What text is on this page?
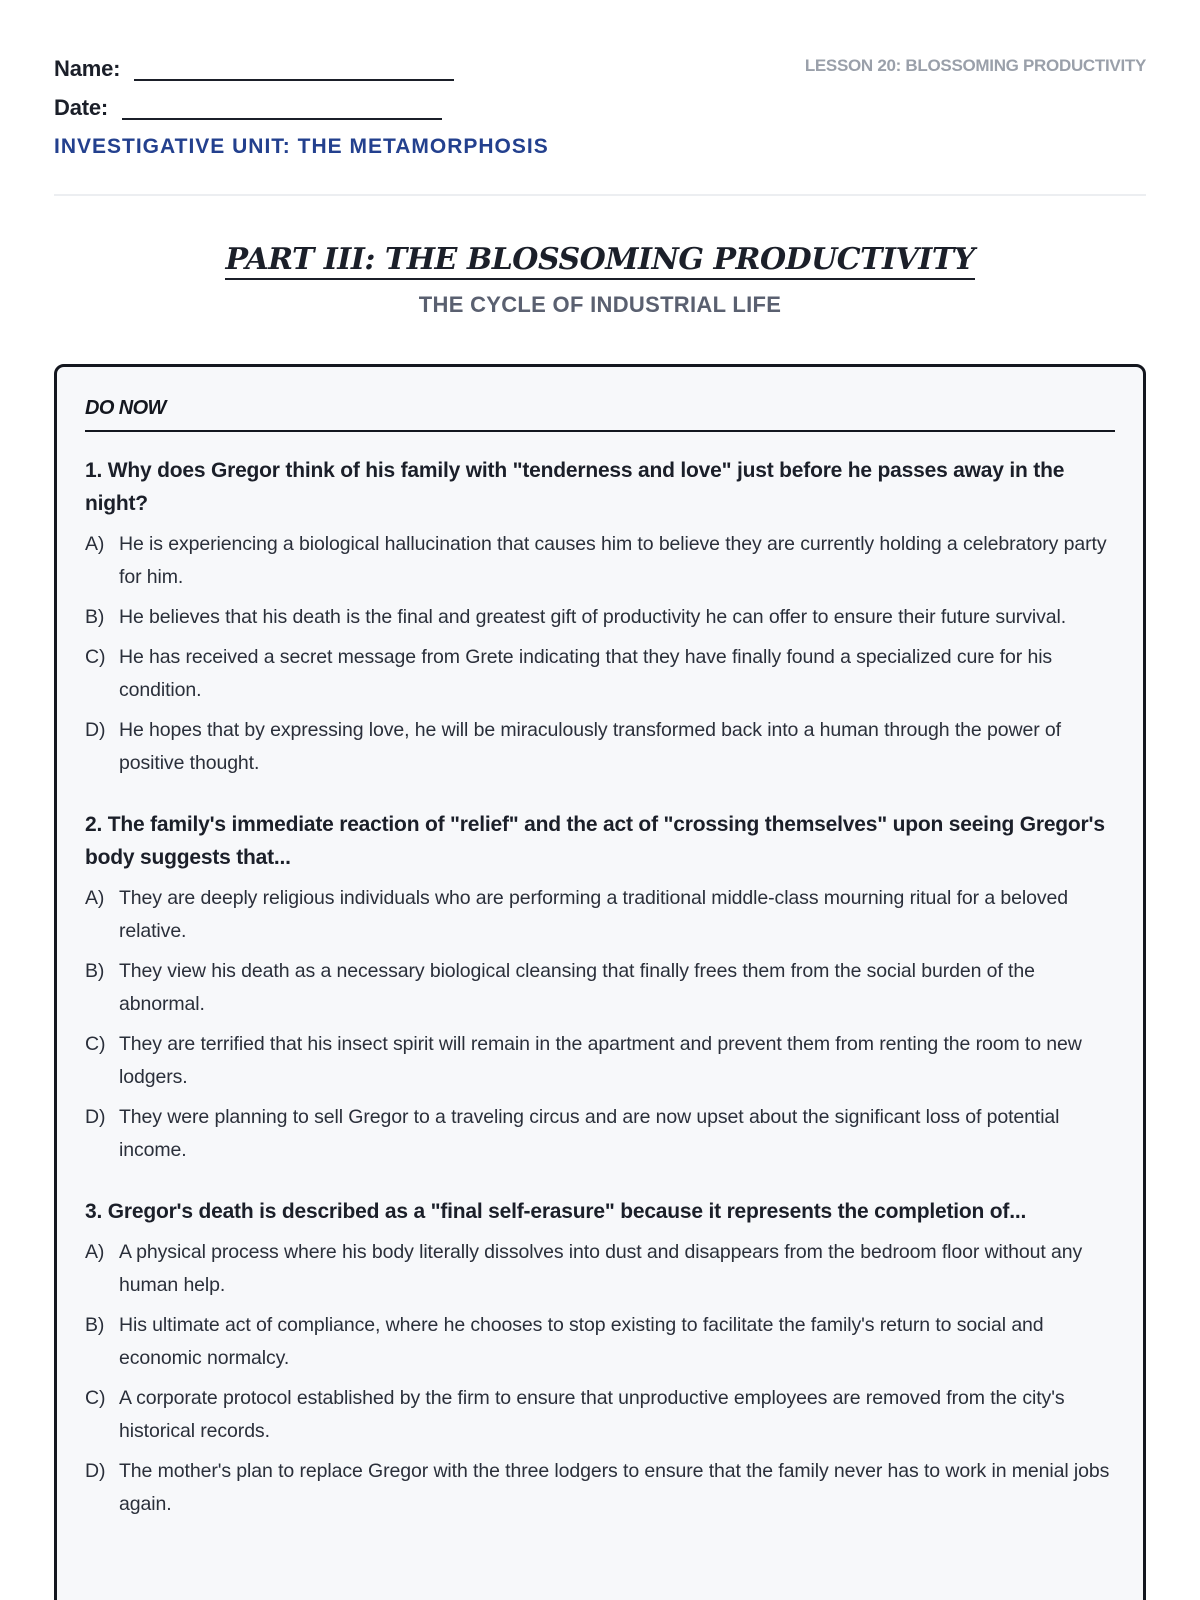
Name:
Date:
INVESTIGATIVE UNIT: THE METAMORPHOSIS
LESSON 20: BLOSSOMING PRODUCTIVITY
PART III: THE BLOSSOMING PRODUCTIVITY
THE CYCLE OF INDUSTRIAL LIFE
DO NOW
1. Why does Gregor think of his family with "tenderness and love" just before he passes away in the night?
A) He is experiencing a biological hallucination that causes him to believe they are currently holding a celebratory party for him.
B) He believes that his death is the final and greatest gift of productivity he can offer to ensure their future survival.
C) He has received a secret message from Grete indicating that they have finally found a specialized cure for his condition.
D) He hopes that by expressing love, he will be miraculously transformed back into a human through the power of positive thought.
2. The family's immediate reaction of "relief" and the act of "crossing themselves" upon seeing Gregor's body suggests that...
A) They are deeply religious individuals who are performing a traditional middle-class mourning ritual for a beloved relative.
B) They view his death as a necessary biological cleansing that finally frees them from the social burden of the abnormal.
C) They are terrified that his insect spirit will remain in the apartment and prevent them from renting the room to new lodgers.
D) They were planning to sell Gregor to a traveling circus and are now upset about the significant loss of potential income.
3. Gregor's death is described as a "final self-erasure" because it represents the completion of...
A) A physical process where his body literally dissolves into dust and disappears from the bedroom floor without any human help.
B) His ultimate act of compliance, where he chooses to stop existing to facilitate the family's return to social and economic normalcy.
C) A corporate protocol established by the firm to ensure that unproductive employees are removed from the city's historical records.
D) The mother's plan to replace Gregor with the three lodgers to ensure that the family never has to work in menial jobs again.
